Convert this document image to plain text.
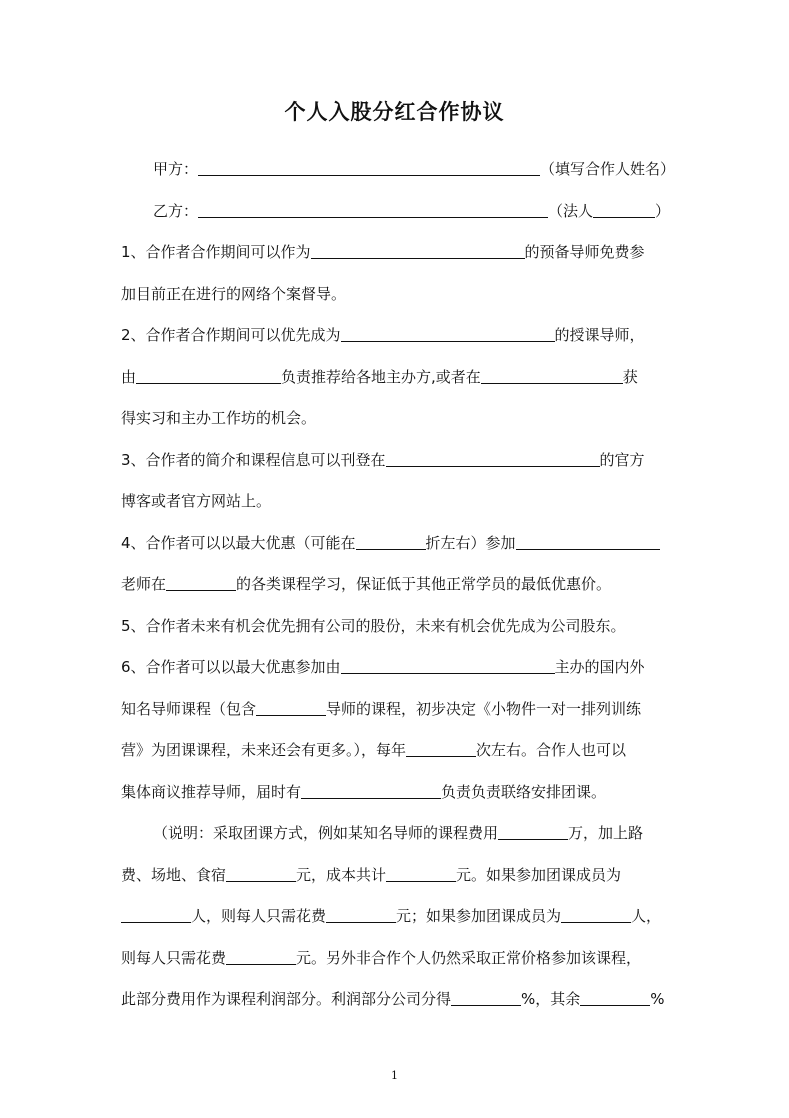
个人入股分红合作协议
甲方：	（填写合作人姓名）
乙方：	（法人	）
1、合作者合作期间可以作为	的预备导师免费参
加目前正在进行的网络个案督导。
2、合作者合作期间可以优先成为	的授课导师，
由	负责推荐给各地主办方,或者在	获
得实习和主办工作坊的机会。
3、合作者的简介和课程信息可以刊登在	的官方
博客或者官方网站上。
4、合作者可以以最大优惠（可能在	折左右）参加
老师在	的各类课程学习，保证低于其他正常学员的最低优惠价。
5、合作者未来有机会优先拥有公司的股份，未来有机会优先成为公司股东。
6、合作者可以以最大优惠参加由	主办的国内外
知名导师课程（包含	导师的课程，初步决定《小物件一对一排列训练
营》为团课课程，未来还会有更多。），每年	次左右。合作人也可以
集体商议推荐导师，届时有	负责负责联络安排团课。
（说明：采取团课方式，例如某知名导师的课程费用	万，加上路
费、场地、食宿	元，成本共计	元。如果参加团课成员为
人，则每人只需花费	元；如果参加团课成员为	人，
则每人只需花费	元。另外非合作个人仍然采取正常价格参加该课程，
此部分费用作为课程利润部分。利润部分公司分得	%，其余	%
1
